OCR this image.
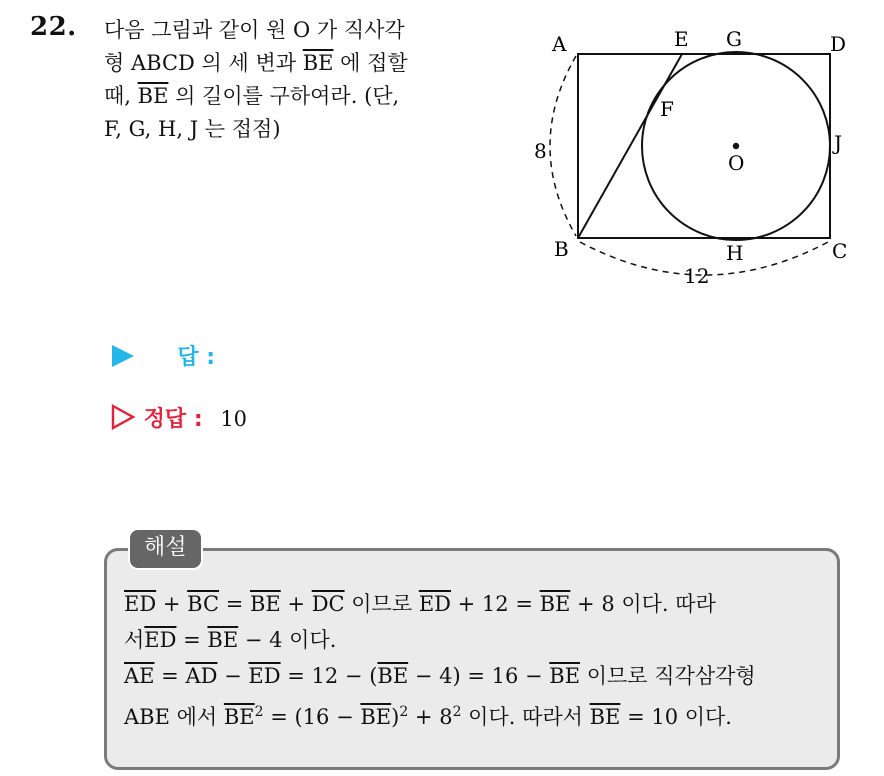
22. 다음 그림과 같이 원 O 가 직사각
형 ABCD 의 세 변과 $\overline{BE}$ 에 접할
때, $\overline{BE}$ 의 길이를 구하여라. (단,
F, G, H, J 는 접점)
A	E G	D
F
J
O
B	H	C
8
12
답 :
정답 : 10
해설
$\overline{ED} + \overline{BC} = \overline{BE} + \overline{DC}$ 이므로 $\overline{ED} + 12 = \overline{BE} + 8$ 이다. 따라
서$\overline{ED} = \overline{BE} - 4$ 이다.
$\overline{AE} = \overline{AD} - \overline{ED} = 12 - (\overline{BE} - 4) = 16 - \overline{BE}$ 이므로 직각삼각형
ABE 에서 $\overline{BE}^2 = (16 - \overline{BE})^2 + 8^2$ 이다. 따라서 $\overline{BE} = 10$ 이다.
